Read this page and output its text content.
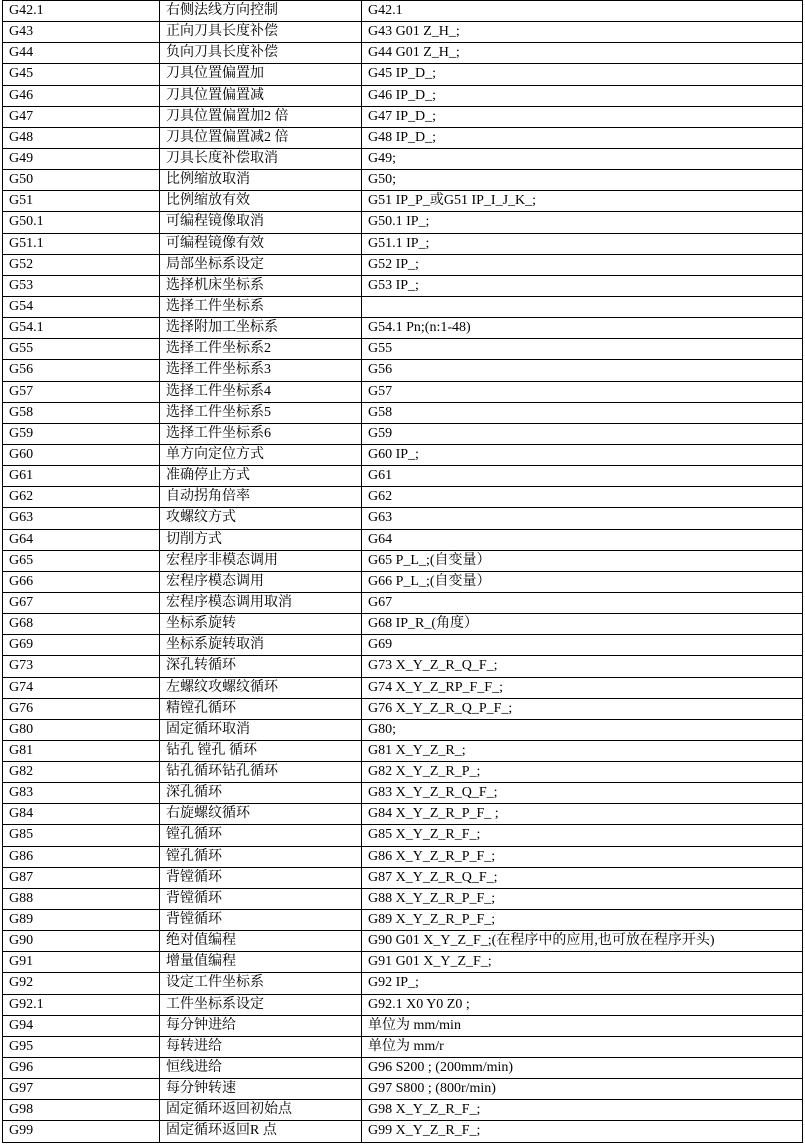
G42.1	右侧法线方向控制	G42.1
G43	正向刀具长度补偿	G43 G01 Z_H_;
G44	负向刀具长度补偿	G44 G01 Z_H_;
G45	刀具位置偏置加	G45 IP_D_;
G46	刀具位置偏置减	G46 IP_D_;
G47	刀具位置偏置加2 倍	G47 IP_D_;
G48	刀具位置偏置减2 倍	G48 IP_D_;
G49	刀具长度补偿取消	G49;
G50	比例缩放取消	G50;
G51	比例缩放有效	G51 IP_P_或G51 IP_I_J_K_;
G50.1	可编程镜像取消	G50.1 IP_;
G51.1	可编程镜像有效	G51.1 IP_;
G52	局部坐标系设定	G52 IP_;
G53	选择机床坐标系	G53 IP_;
G54	选择工件坐标系	
G54.1	选择附加工坐标系	G54.1 Pn;(n:1-48)
G55	选择工件坐标系2	G55
G56	选择工件坐标系3	G56
G57	选择工件坐标系4	G57
G58	选择工件坐标系5	G58
G59	选择工件坐标系6	G59
G60	单方向定位方式	G60 IP_;
G61	准确停止方式	G61
G62	自动拐角倍率	G62
G63	攻螺纹方式	G63
G64	切削方式	G64
G65	宏程序非模态调用	G65 P_L_;(自变量）
G66	宏程序模态调用	G66 P_L_;(自变量）
G67	宏程序模态调用取消	G67
G68	坐标系旋转	G68 IP_R_(角度）
G69	坐标系旋转取消	G69
G73	深孔转循环	G73 X_Y_Z_R_Q_F_;
G74	左螺纹攻螺纹循环	G74 X_Y_Z_RP_F_F_;
G76	精镗孔循环	G76 X_Y_Z_R_Q_P_F_;
G80	固定循环取消	G80;
G81	钻孔 镗孔 循环	G81 X_Y_Z_R_;
G82	钻孔循环钻孔循环	G82 X_Y_Z_R_P_;
G83	深孔循环	G83 X_Y_Z_R_Q_F_;
G84	右旋螺纹循环	G84 X_Y_Z_R_P_F_ ;
G85	镗孔循环	G85 X_Y_Z_R_F_;
G86	镗孔循环	G86 X_Y_Z_R_P_F_;
G87	背镗循环	G87 X_Y_Z_R_Q_F_;
G88	背镗循环	G88 X_Y_Z_R_P_F_;
G89	背镗循环	G89 X_Y_Z_R_P_F_;
G90	绝对值编程	G90 G01 X_Y_Z_F_;(在程序中的应用,也可放在程序开头)
G91	增量值编程	G91 G01 X_Y_Z_F_;
G92	设定工件坐标系	G92 IP_;
G92.1	工件坐标系设定	G92.1 X0 Y0 Z0 ;
G94	每分钟进给	单位为 mm/min
G95	每转进给	单位为 mm/r
G96	恒线进给	G96 S200 ; (200mm/min)
G97	每分钟转速	G97 S800 ; (800r/min)
G98	固定循环返回初始点	G98 X_Y_Z_R_F_;
G99	固定循环返回R 点	G99 X_Y_Z_R_F_;
